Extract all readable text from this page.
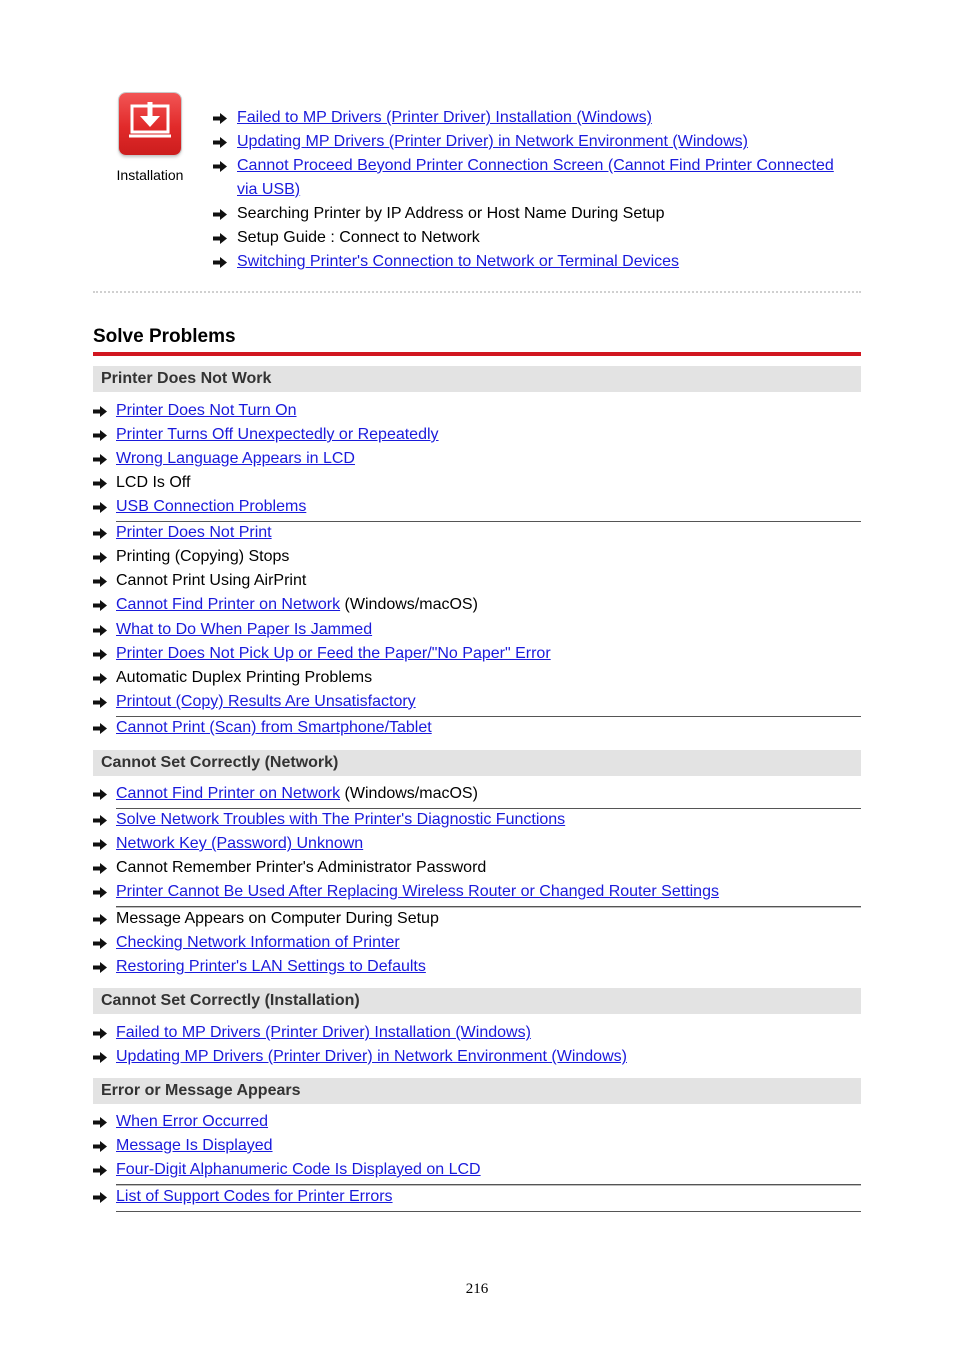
Installation
Failed to MP Drivers (Printer Driver) Installation (Windows)
Updating MP Drivers (Printer Driver) in Network Environment (Windows)
Cannot Proceed Beyond Printer Connection Screen (Cannot Find Printer Connected via USB)
Searching Printer by IP Address or Host Name During Setup
Setup Guide : Connect to Network
Switching Printer's Connection to Network or Terminal Devices
Solve Problems
Printer Does Not Work
Printer Does Not Turn On
Printer Turns Off Unexpectedly or Repeatedly
Wrong Language Appears in LCD
LCD Is Off
USB Connection Problems
Printer Does Not Print
Printing (Copying) Stops
Cannot Print Using AirPrint
Cannot Find Printer on Network (Windows/macOS)
What to Do When Paper Is Jammed
Printer Does Not Pick Up or Feed the Paper/"No Paper" Error
Automatic Duplex Printing Problems
Printout (Copy) Results Are Unsatisfactory
Cannot Print (Scan) from Smartphone/Tablet
Cannot Set Correctly (Network)
Cannot Find Printer on Network (Windows/macOS)
Solve Network Troubles with The Printer's Diagnostic Functions
Network Key (Password) Unknown
Cannot Remember Printer's Administrator Password
Printer Cannot Be Used After Replacing Wireless Router or Changed Router Settings
Message Appears on Computer During Setup
Checking Network Information of Printer
Restoring Printer's LAN Settings to Defaults
Cannot Set Correctly (Installation)
Failed to MP Drivers (Printer Driver) Installation (Windows)
Updating MP Drivers (Printer Driver) in Network Environment (Windows)
Error or Message Appears
When Error Occurred
Message Is Displayed
Four-Digit Alphanumeric Code Is Displayed on LCD
List of Support Codes for Printer Errors
216
